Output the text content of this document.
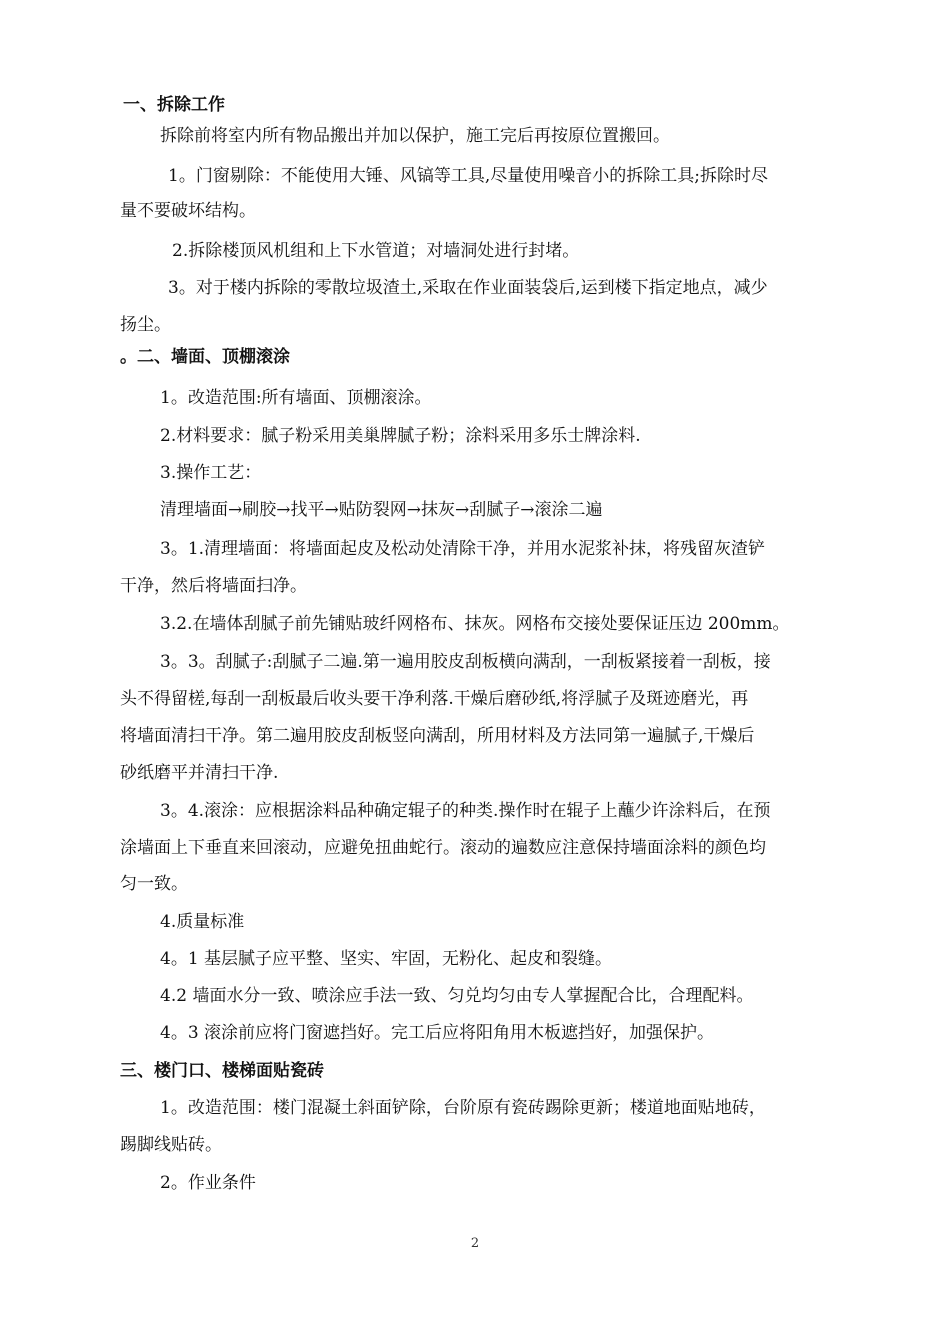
一、拆除工作

拆除前将室内所有物品搬出并加以保护，施工完后再按原位置搬回。

1。门窗剔除：不能使用大锤、风镐等工具,尽量使用噪音小的拆除工具;拆除时尽

量不要破坏结构。

2.拆除楼顶风机组和上下水管道；对墙洞处进行封堵。

3。对于楼内拆除的零散垃圾渣土,采取在作业面装袋后,运到楼下指定地点，减少

扬尘。

。二、墙面、顶棚滚涂

1。改造范围:所有墙面、顶棚滚涂。

2.材料要求：腻子粉采用美巢牌腻子粉；涂料采用多乐士牌涂料.

3.操作工艺：

清理墙面→刷胶→找平→贴防裂网→抹灰→刮腻子→滚涂二遍

3。1.清理墙面：将墙面起皮及松动处清除干净，并用水泥浆补抹，将残留灰渣铲

干净，然后将墙面扫净。

3.2.在墙体刮腻子前先铺贴玻纤网格布、抹灰。网格布交接处要保证压边 200mm。

3。3。刮腻子:刮腻子二遍.第一遍用胶皮刮板横向满刮，一刮板紧接着一刮板，接

头不得留槎,每刮一刮板最后收头要干净利落.干燥后磨砂纸,将浮腻子及斑迹磨光，再

将墙面清扫干净。第二遍用胶皮刮板竖向满刮，所用材料及方法同第一遍腻子,干燥后

砂纸磨平并清扫干净.

3。4.滚涂：应根据涂料品种确定辊子的种类.操作时在辊子上蘸少许涂料后，在预

涂墙面上下垂直来回滚动，应避免扭曲蛇行。滚动的遍数应注意保持墙面涂料的颜色均

匀一致。

4.质量标准

4。1 基层腻子应平整、坚实、牢固，无粉化、起皮和裂缝。

4.2 墙面水分一致、喷涂应手法一致、匀兑均匀由专人掌握配合比，合理配料。

4。3 滚涂前应将门窗遮挡好。完工后应将阳角用木板遮挡好，加强保护。

三、楼门口、楼梯面贴瓷砖

1。改造范围：楼门混凝土斜面铲除，台阶原有瓷砖踢除更新；楼道地面贴地砖，

踢脚线贴砖。

2。作业条件

2
